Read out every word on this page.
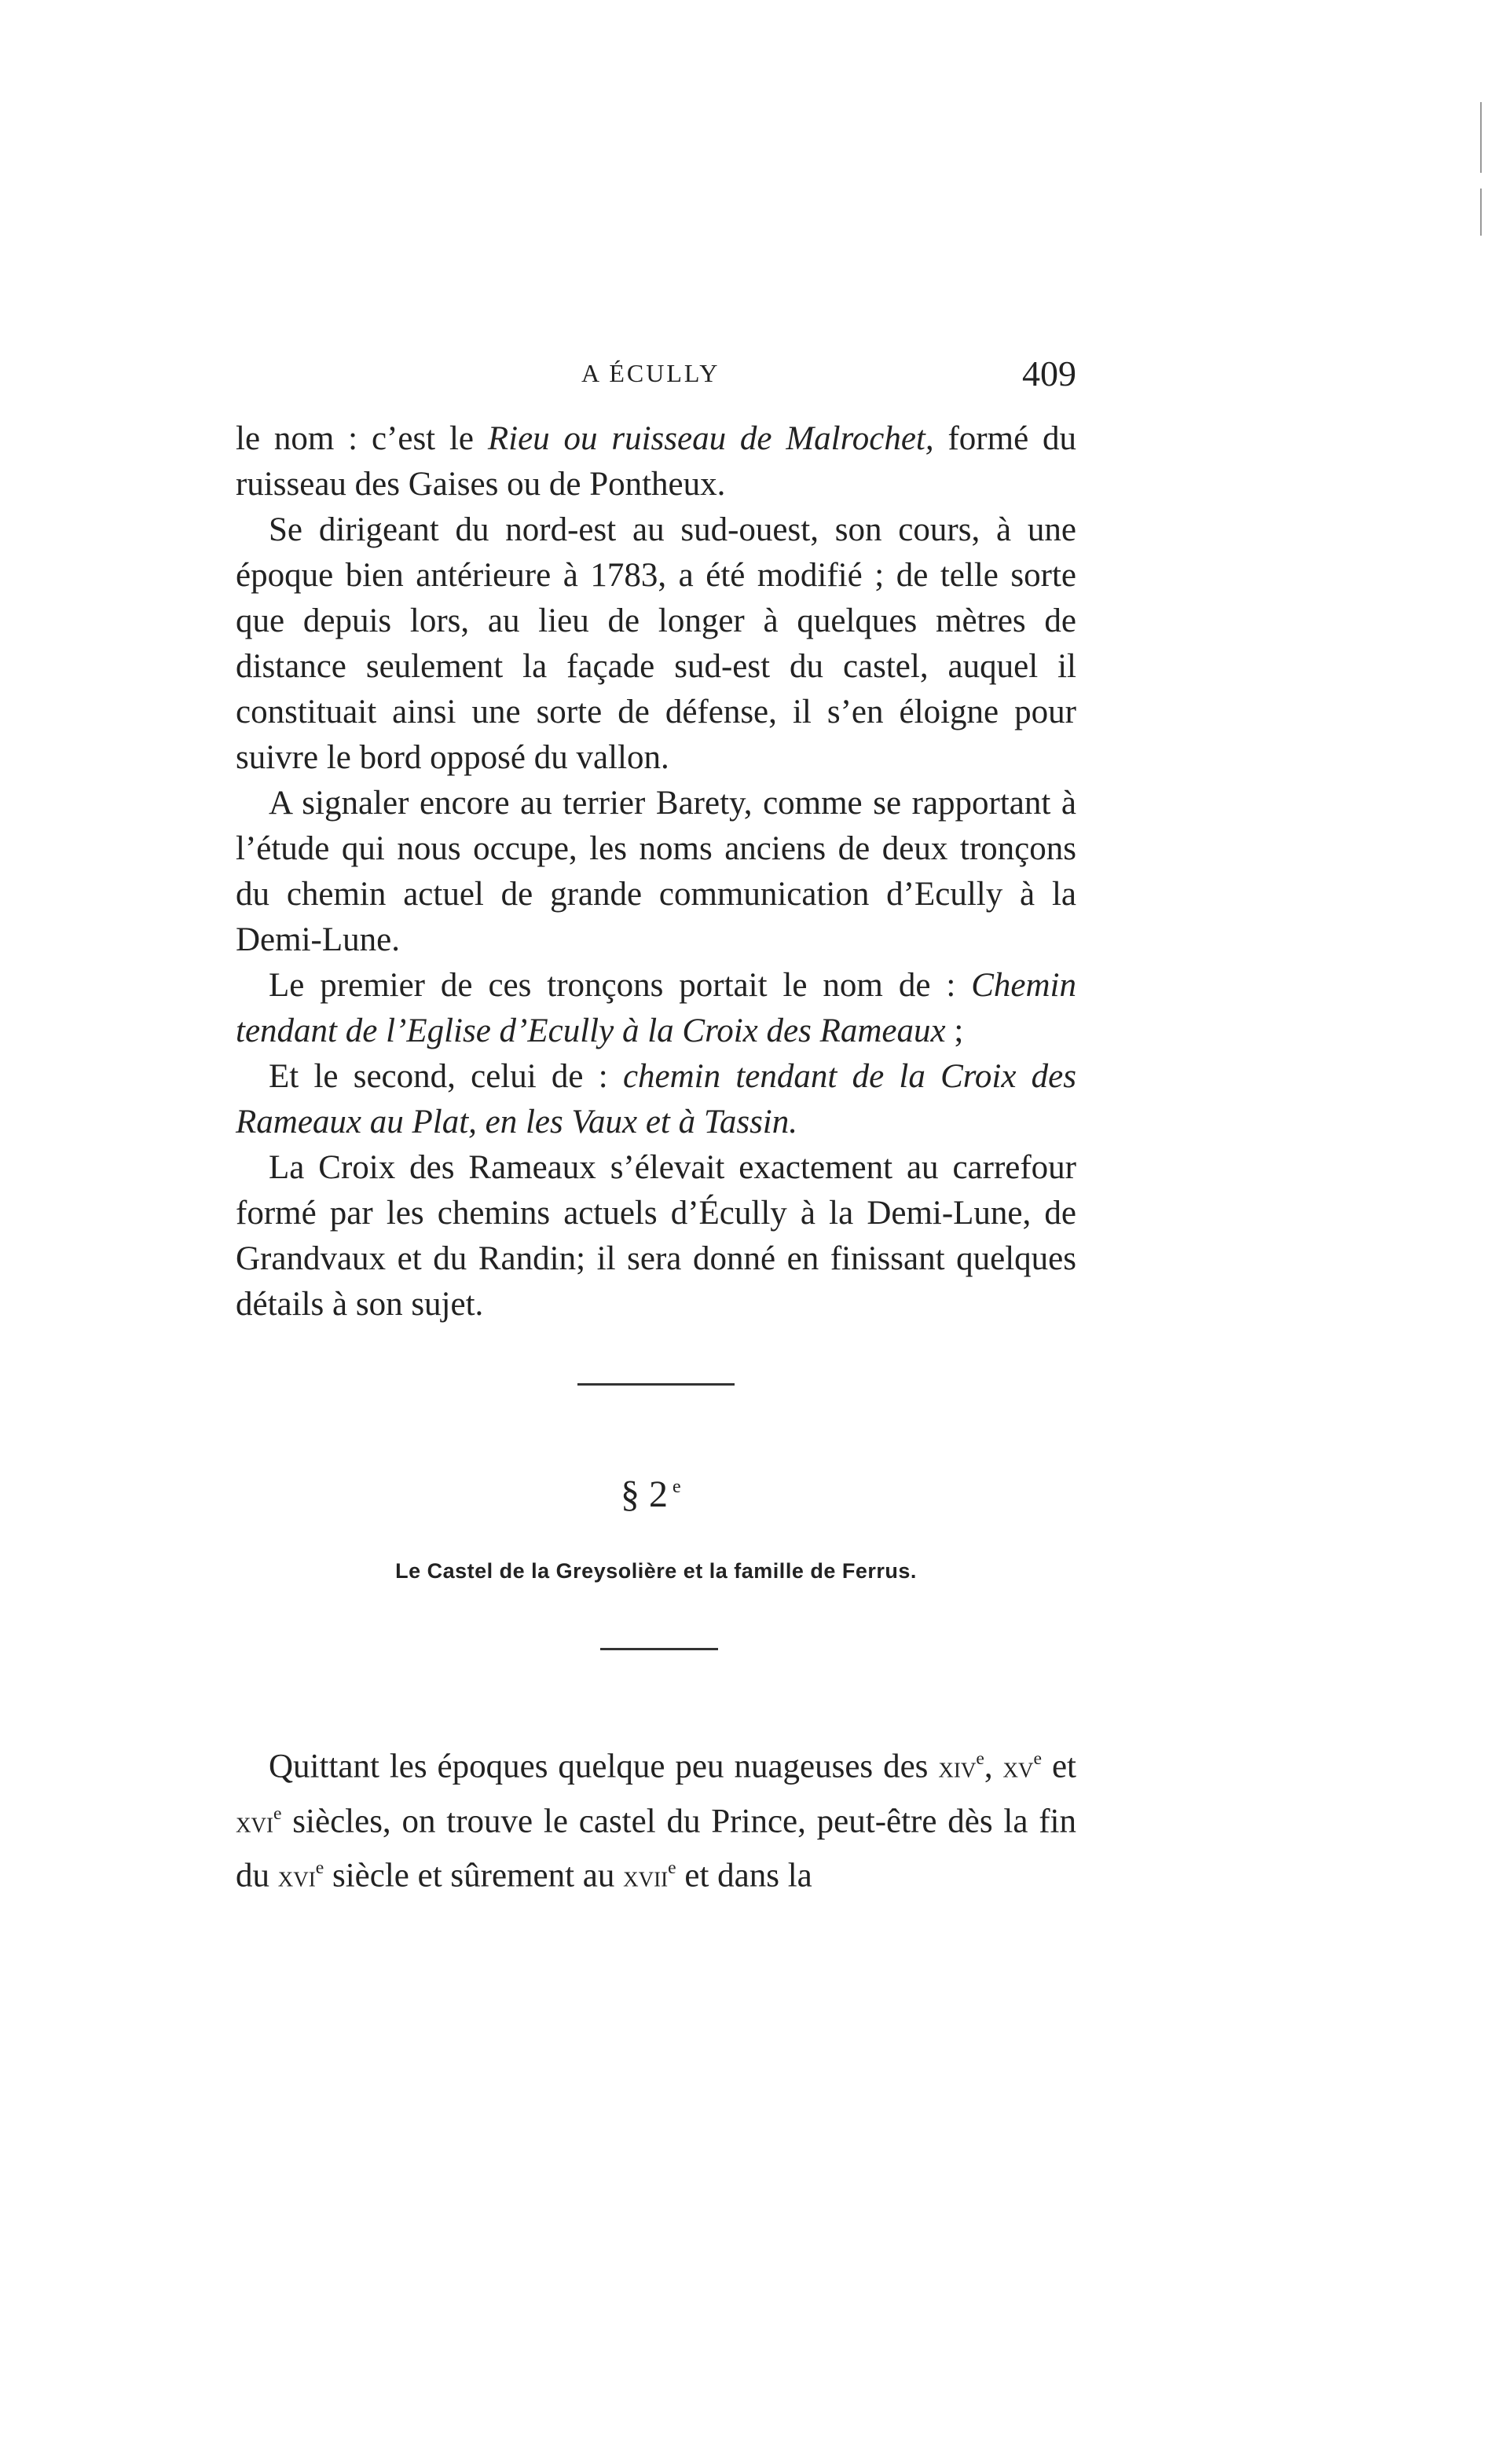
A ÉCULLY	409

le nom : c’est le Rieu ou ruisseau de Malrochet, formé du ruisseau des Gaises ou de Pontheux.

Se dirigeant du nord-est au sud-ouest, son cours, à une époque bien antérieure à 1783, a été modifié ; de telle sorte que depuis lors, au lieu de longer à quelques mètres de distance seulement la façade sud-est du castel, auquel il constituait ainsi une sorte de défense, il s’en éloigne pour suivre le bord opposé du vallon.

A signaler encore au terrier Barety, comme se rapportant à l’étude qui nous occupe, les noms anciens de deux tronçons du chemin actuel de grande communication d’Ecully à la Demi-Lune.

Le premier de ces tronçons portait le nom de : Chemin tendant de l’Eglise d’Ecully à la Croix des Rameaux ;

Et le second, celui de : chemin tendant de la Croix des Rameaux au Plat, en les Vaux et à Tassin.

La Croix des Rameaux s’élevait exactement au carrefour formé par les chemins actuels d’Écully à la Demi-Lune, de Grandvaux et du Randin; il sera donné en finissant quelques détails à son sujet.

§ 2 $^e$
Le Castel de la Greysolière et la famille de Ferrus.

Quittant les époques quelque peu nuageuses des xiv$^e$, $xv^e$ et xvi$^e$ siècles, on trouve le castel du Prince, peut-être dès la fin du xvi$^e$ siècle et sûrement au xvii$^e$ et dans la
